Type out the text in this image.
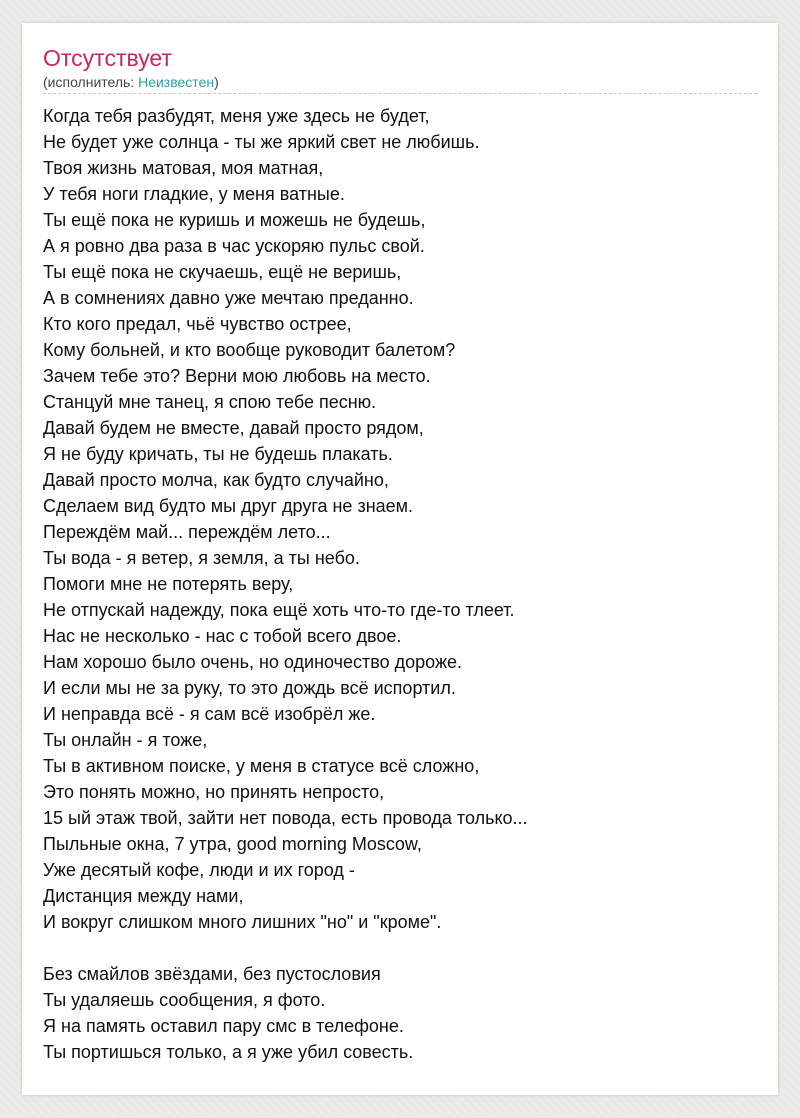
Отсутствует
(исполнитель: Неизвестен)
Когда тебя разбудят, меня уже здесь не будет,
Не будет уже солнца - ты же яркий свет не любишь.
Твоя жизнь матовая, моя матная,
У тебя ноги гладкие, у меня ватные.
Ты ещё пока не куришь и можешь не будешь,
А я ровно два раза в час ускоряю пульс свой.
Ты ещё пока не скучаешь, ещё не веришь,
А в сомнениях давно уже мечтаю преданно.
Кто кого предал, чьё чувство острее,
Кому больней, и кто вообще руководит балетом?
Зачем тебе это? Верни мою любовь на место.
Станцуй мне танец, я спою тебе песню.
Давай будем не вместе, давай просто рядом,
Я не буду кричать, ты не будешь плакать.
Давай просто молча, как будто случайно,
Сделаем вид будто мы друг друга не знаем.
Переждём май... переждём лето...
Ты вода - я ветер, я земля, а ты небо.
Помоги мне не потерять веру,
Не отпускай надежду, пока ещё хоть что-то где-то тлеет.
Нас не несколько - нас с тобой всего двое.
Нам хорошо было очень, но одиночество дороже.
И если мы не за руку, то это дождь всё испортил.
И неправда всё - я сам всё изобрёл же.
Ты онлайн - я тоже,
Ты в активном поиске, у меня в статусе всё сложно,
Это понять можно, но принять непросто,
15 ый этаж твой, зайти нет повода, есть провода только...
Пыльные окна, 7 утра, good morning Moscow,
Уже десятый кофе, люди и их город -
Дистанция между нами,
И вокруг слишком много лишних "но" и "кроме".
Без смайлов звёздами, без пустословия
Ты удаляешь сообщения, я фото.
Я на память оставил пару смс в телефоне.
Ты портишься только, а я уже убил совесть.
